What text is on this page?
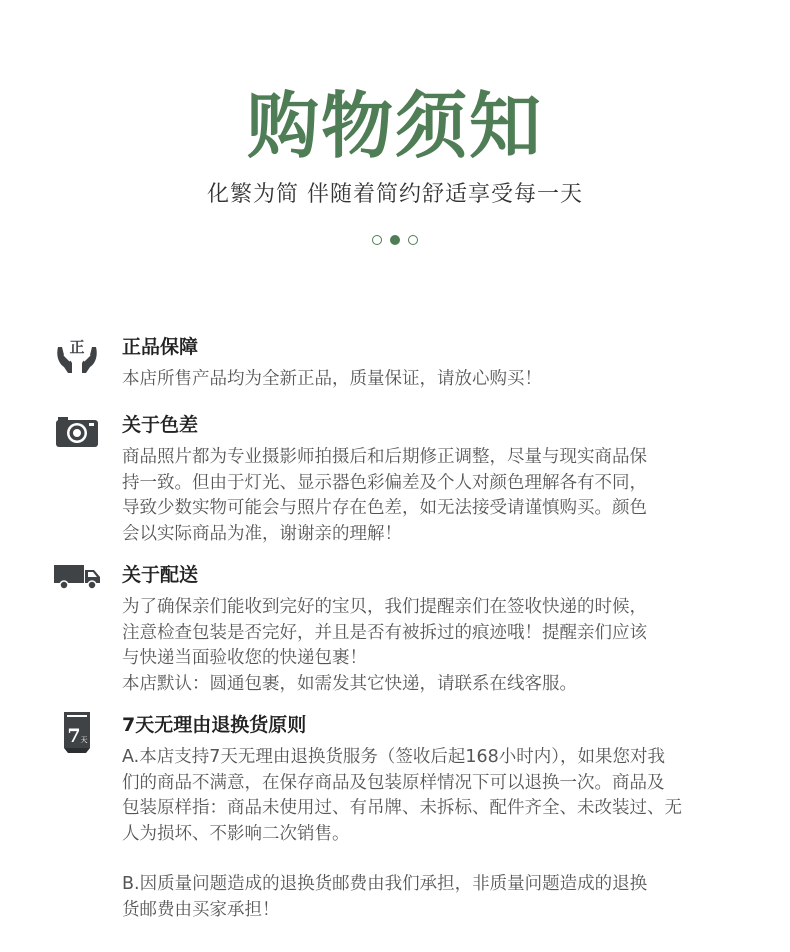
购物须知
化繁为简 伴随着简约舒适享受每一天
正 正品保障
本店所售产品均为全新正品，质量保证，请放心购买！
关于色差
商品照片都为专业摄影师拍摄后和后期修正调整，尽量与现实商品保
持一致。但由于灯光、显示器色彩偏差及个人对颜色理解各有不同，
导致少数实物可能会与照片存在色差，如无法接受请谨慎购买。颜色
会以实际商品为准，谢谢亲的理解！
关于配送
为了确保亲们能收到完好的宝贝，我们提醒亲们在签收快递的时候，
注意检查包装是否完好，并且是否有被拆过的痕迹哦！提醒亲们应该
与快递当面验收您的快递包裹！
本店默认：圆通包裹，如需发其它快递，请联系在线客服。
7 天
7天无理由退换货原则
A.本店支持7天无理由退换货服务（签收后起168小时内），如果您对我
们的商品不满意，在保存商品及包装原样情况下可以退换一次。商品及
包装原样指：商品未使用过、有吊牌、未拆标、配件齐全、未改装过、无
人为损坏、不影响二次销售。
B.因质量问题造成的退换货邮费由我们承担，非质量问题造成的退换
货邮费由买家承担！
